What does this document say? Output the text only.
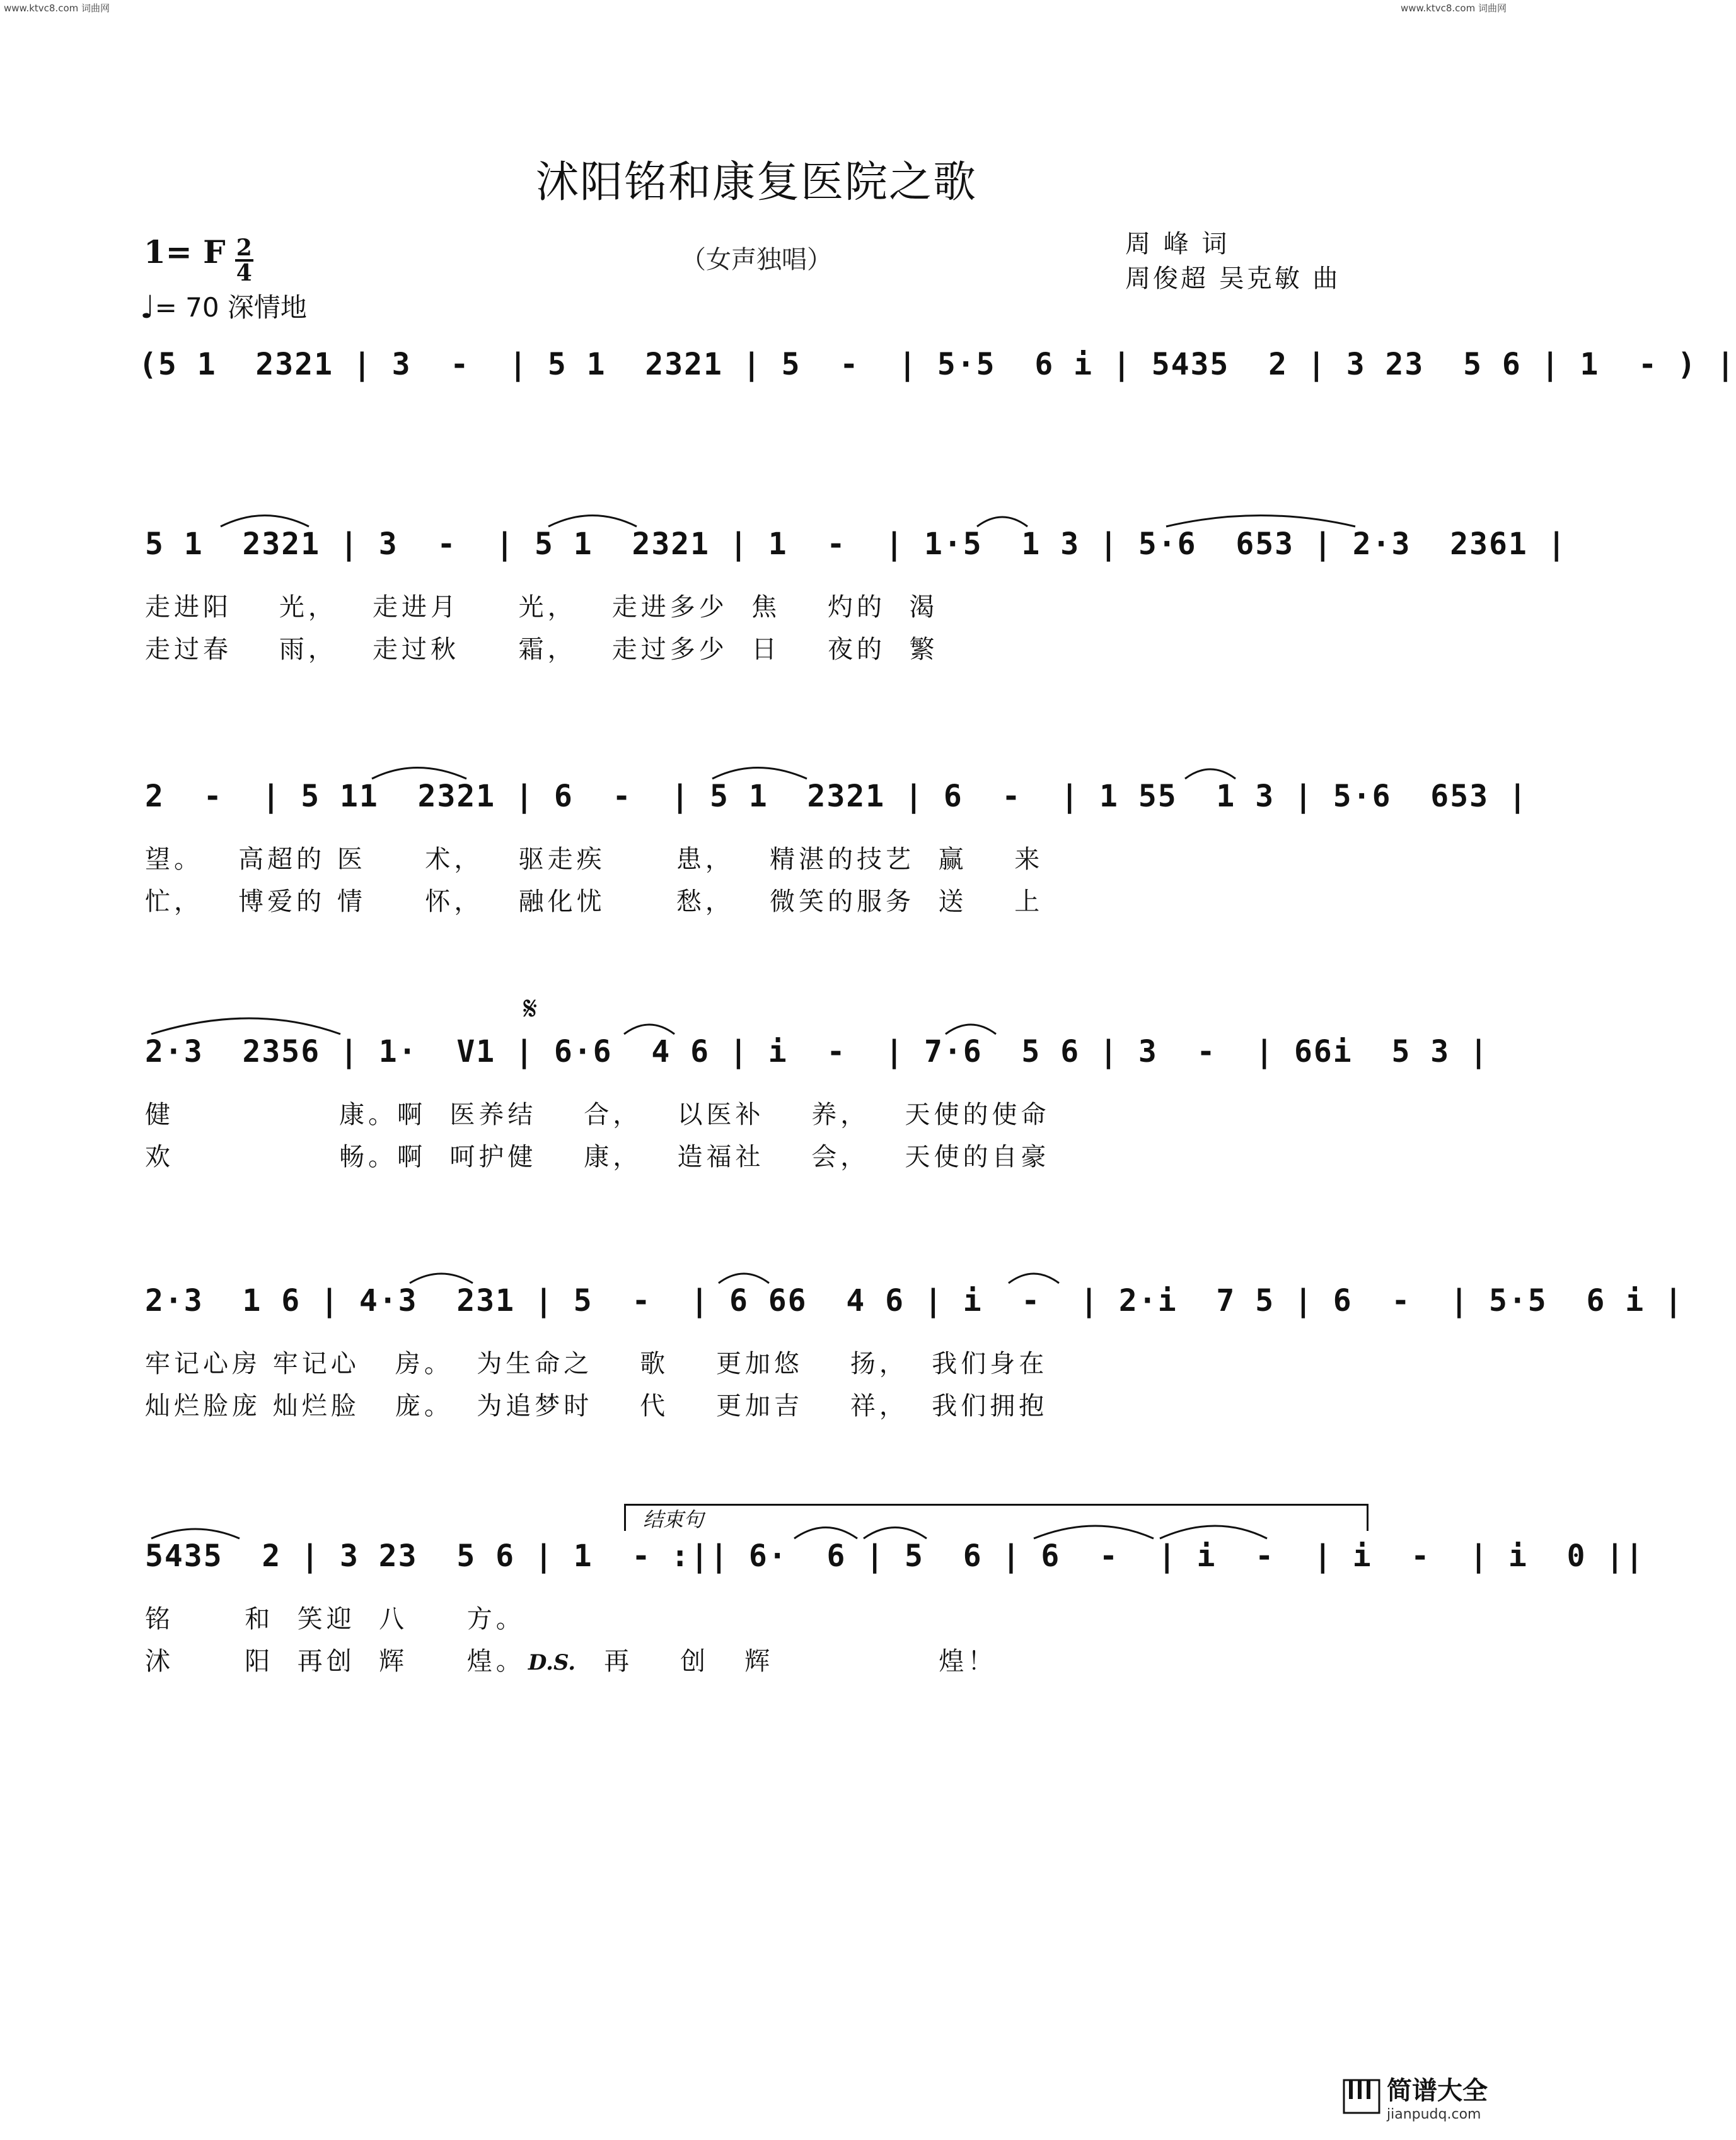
www.ktvc8.com 词曲网	www.ktvc8.com 词曲网
沭阳铭和康复医院之歌
1= F $\frac{2}{4}$
♩= 70 深情地
（女声独唱）
周 峰 词
周俊超 吴克敏 曲
(5 1  2321 | 3  -  | 5 1  2321 | 5  -  | 5·5  6 i | 5435  2 | 3 23  5 6 | 1  - ) |
5 1  2321 | 3  -  | 5 1  2321 | 1  -  | 1·5  1 3 | 5·6  653 | 2·3  2361 |
走进阳    光，   走进月     光，   走进多少  焦    灼的  渴
走过春    雨，   走过秋     霜，   走过多少  日    夜的  繁
2  -  | 5 11  2321 | 6  -  | 5 1  2321 | 6  -  | 1 55  1 3 | 5·6  653 |
望。   高超的 医     术，   驱走疾      患，   精湛的技艺  赢    来
忙，   博爱的 情     怀，   融化忧      愁，   微笑的服务  送    上
𝄋
2·3  2356 | 1·  V1 | 6·6  4 6 | i  -  | 7·6  5 6 | 3  -  | 66i  5 3 |
健              康。啊  医养结    合，   以医补    养，   天使的使命
欢              畅。啊  呵护健    康，   造福社    会，   天使的自豪
2·3  1 6 | 4·3  231 | 5  -  | 6 66  4 6 | i  -  | 2·i  7 5 | 6  -  | 5·5  6 i |
牢记心房 牢记心   房。  为生命之    歌    更加悠    扬，  我们身在
灿烂脸庞 灿烂脸   庞。  为追梦时    代    更加吉    祥，  我们拥抱
结束句
5435  2 | 3 23  5 6 | 1  - :|| 6·  6 | 5  6 | 6  -  | i  -  | i  -  | i  0 ||
铭      和  笑迎  八     方。
沭      阳  再创  辉     煌。 D.S. 再    创   辉              煌！
简谱大全
jianpudq.com
